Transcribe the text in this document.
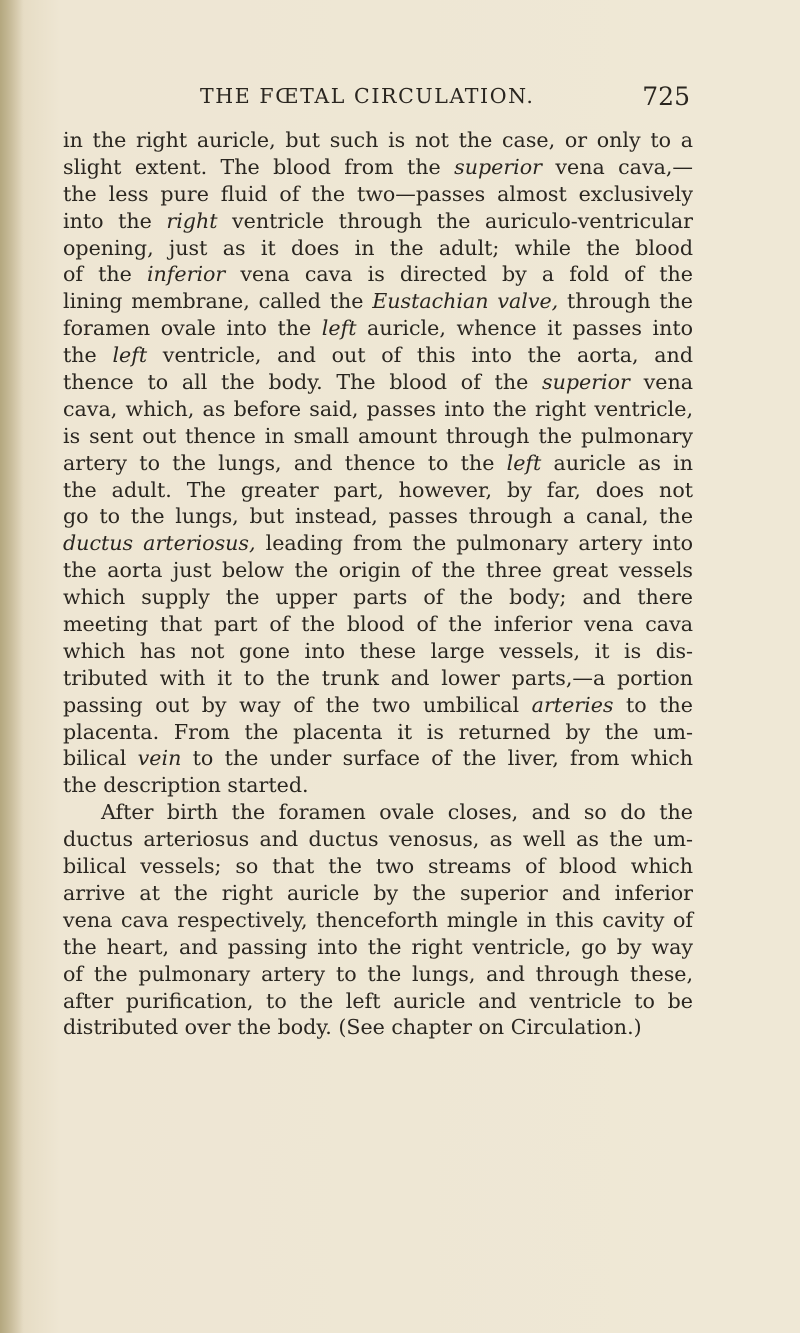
THE FŒTAL CIRCULATION.	725
in the right auricle, but such is not the case, or only to a
slight extent. The blood from the superior vena cava,—
the less pure fluid of the two—passes almost exclusively
into the right ventricle through the auriculo-ventricular
opening, just as it does in the adult; while the blood
of the inferior vena cava is directed by a fold of the
lining membrane, called the Eustachian valve, through the
foramen ovale into the left auricle, whence it passes into
the left ventricle, and out of this into the aorta, and
thence to all the body. The blood of the superior vena
cava, which, as before said, passes into the right ventricle,
is sent out thence in small amount through the pulmonary
artery to the lungs, and thence to the left auricle as in
the adult. The greater part, however, by far, does not
go to the lungs, but instead, passes through a canal, the
ductus arteriosus, leading from the pulmonary artery into
the aorta just below the origin of the three great vessels
which supply the upper parts of the body; and there
meeting that part of the blood of the inferior vena cava
which has not gone into these large vessels, it is dis-
tributed with it to the trunk and lower parts,—a portion
passing out by way of the two umbilical arteries to the
placenta. From the placenta it is returned by the um-
bilical vein to the under surface of the liver, from which
the description started.
After birth the foramen ovale closes, and so do the
ductus arteriosus and ductus venosus, as well as the um-
bilical vessels; so that the two streams of blood which
arrive at the right auricle by the superior and inferior
vena cava respectively, thenceforth mingle in this cavity of
the heart, and passing into the right ventricle, go by way
of the pulmonary artery to the lungs, and through these,
after purification, to the left auricle and ventricle to be
distributed over the body. (See chapter on Circulation.)
